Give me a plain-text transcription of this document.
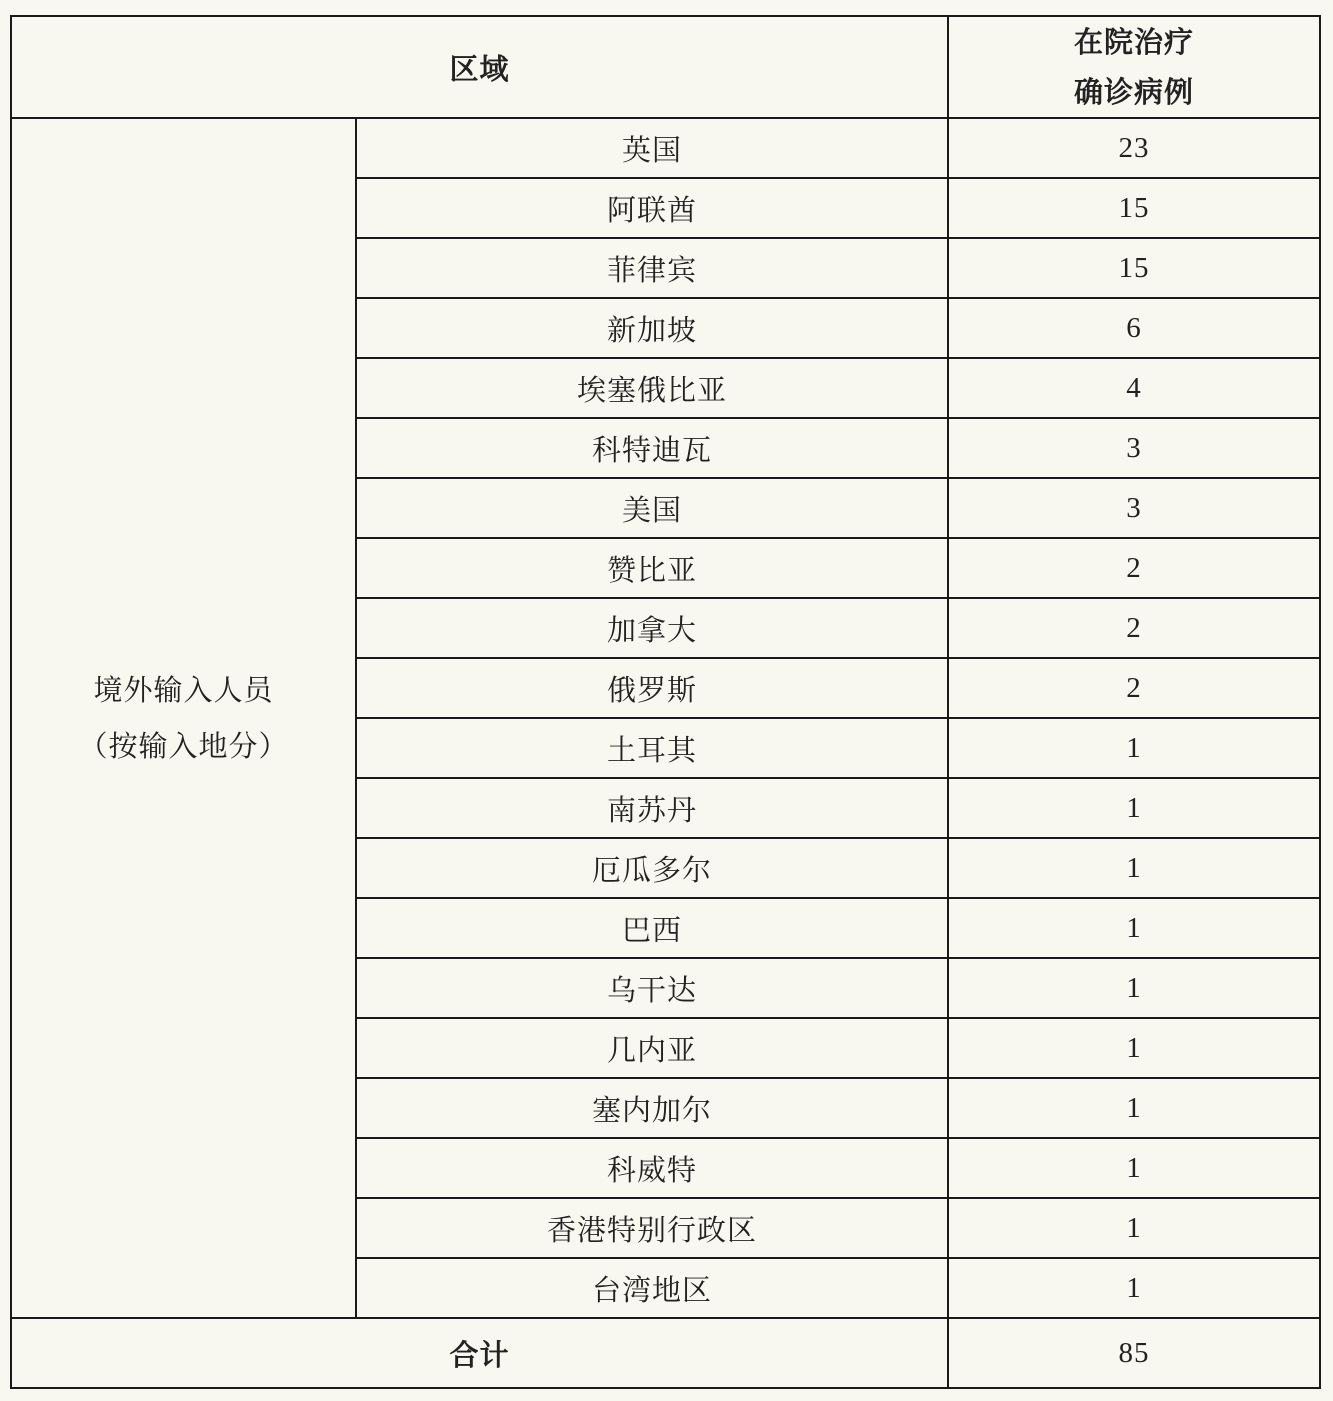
区域		在院治疗
确诊病例

境外输入人员
（按输入地分）	英国	23
	阿联酋	15
	菲律宾	15
	新加坡	6
	埃塞俄比亚	4
	科特迪瓦	3
	美国	3
	赞比亚	2
	加拿大	2
	俄罗斯	2
	土耳其	1
	南苏丹	1
	厄瓜多尔	1
	巴西	1
	乌干达	1
	几内亚	1
	塞内加尔	1
	科威特	1
	香港特别行政区	1
	台湾地区	1
合计		85
